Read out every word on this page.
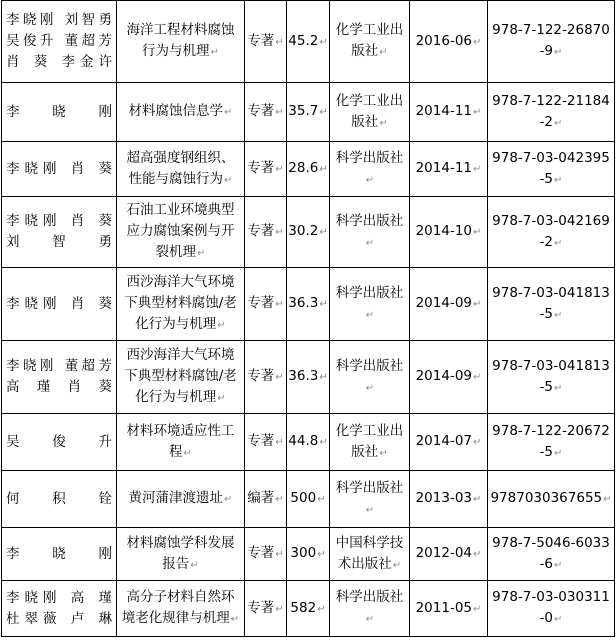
李晓刚 刘智勇
吴俊升 董超芳
肖 葵 李金许	海洋工程材料腐蚀行为与机理↵	专著↵	45.2↵	化学工业出版社↵	2016-06↵	978-7-122-26870-9↵

李晓刚	材料腐蚀信息学↵	专著↵	35.7↵	化学工业出版社↵	2014-11↵	978-7-122-21184-2↵

李晓刚 肖 葵	超高强度钢组织、性能与腐蚀行为↵	专著↵	28.6↵	科学出版社↵	2014-11↵	978-7-03-042395-5↵

李晓刚 肖 葵
刘智勇	石油工业环境典型应力腐蚀案例与开裂机理↵	专著↵	30.2↵	科学出版社↵	2014-10↵	978-7-03-042169-2↵

李晓刚 肖 葵	西沙海洋大气环境下典型材料腐蚀/老化行为与机理↵	专著↵	36.3↵	科学出版社↵	2014-09↵	978-7-03-041813-5↵

李晓刚 董超芳
高 瑾 肖 葵	西沙海洋大气环境下典型材料腐蚀/老化行为与机理↵	专著↵	36.3↵	科学出版社↵	2014-09↵	978-7-03-041813-5↵

吴俊升	材料环境适应性工程↵	专著↵	44.8↵	化学工业出版社↵	2014-07↵	978-7-122-20672-5↵

何积铨	黄河蒲津渡遗址↵	编著↵	500↵	科学出版社↵	2013-03↵	9787030367655↵

李晓刚	材料腐蚀学科发展报告↵	专著↵	300↵	中国科学技术出版社↵	2012-04↵	978-7-5046-6033-6↵

李晓刚 高 瑾
杜翠薇 卢 琳	高分子材料自然环境老化规律与机理↵	专著↵	582↵	科学出版社↵	2011-05↵	978-7-03-030311-0↵
